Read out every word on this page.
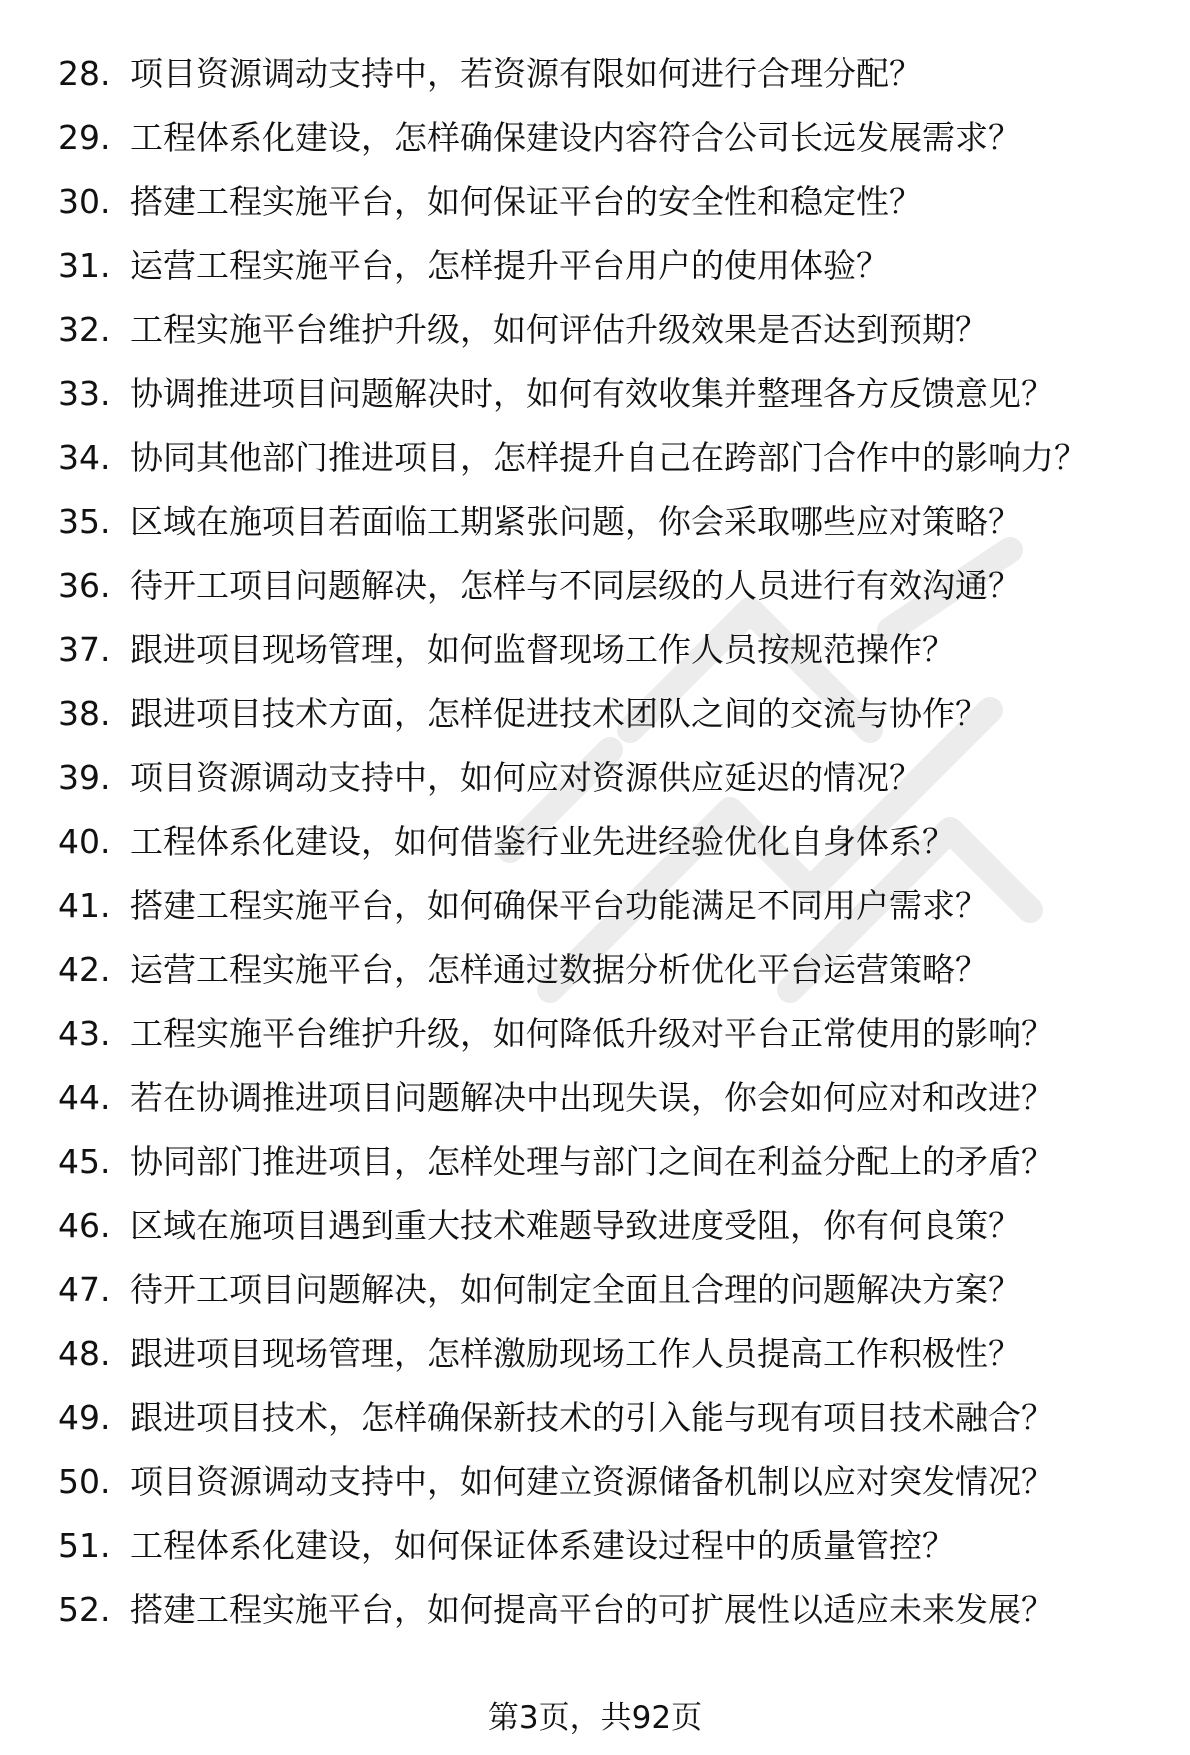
28. 项目资源调动支持中，若资源有限如何进行合理分配？
29. 工程体系化建设，怎样确保建设内容符合公司长远发展需求？
30. 搭建工程实施平台，如何保证平台的安全性和稳定性？
31. 运营工程实施平台，怎样提升平台用户的使用体验？
32. 工程实施平台维护升级，如何评估升级效果是否达到预期？
33. 协调推进项目问题解决时，如何有效收集并整理各方反馈意见？
34. 协同其他部门推进项目，怎样提升自己在跨部门合作中的影响力？
35. 区域在施项目若面临工期紧张问题，你会采取哪些应对策略？
36. 待开工项目问题解决，怎样与不同层级的人员进行有效沟通？
37. 跟进项目现场管理，如何监督现场工作人员按规范操作？
38. 跟进项目技术方面，怎样促进技术团队之间的交流与协作？
39. 项目资源调动支持中，如何应对资源供应延迟的情况？
40. 工程体系化建设，如何借鉴行业先进经验优化自身体系？
41. 搭建工程实施平台，如何确保平台功能满足不同用户需求？
42. 运营工程实施平台，怎样通过数据分析优化平台运营策略？
43. 工程实施平台维护升级，如何降低升级对平台正常使用的影响？
44. 若在协调推进项目问题解决中出现失误，你会如何应对和改进？
45. 协同部门推进项目，怎样处理与部门之间在利益分配上的矛盾？
46. 区域在施项目遇到重大技术难题导致进度受阻，你有何良策？
47. 待开工项目问题解决，如何制定全面且合理的问题解决方案？
48. 跟进项目现场管理，怎样激励现场工作人员提高工作积极性？
49. 跟进项目技术，怎样确保新技术的引入能与现有项目技术融合？
50. 项目资源调动支持中，如何建立资源储备机制以应对突发情况？
51. 工程体系化建设，如何保证体系建设过程中的质量管控？
52. 搭建工程实施平台，如何提高平台的可扩展性以适应未来发展？
第3页，共92页
